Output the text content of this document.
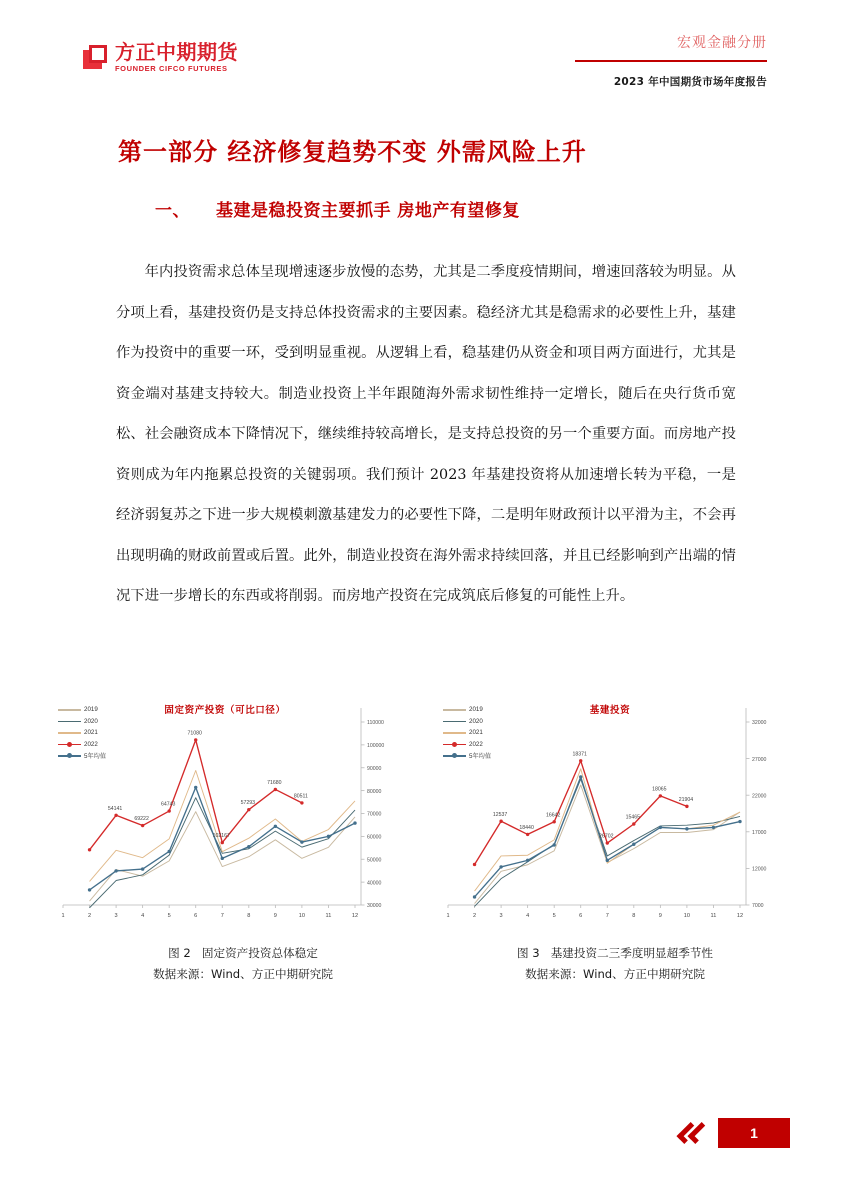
方正中期期货
FOUNDER CIFCO FUTURES
宏观金融分册
2023 年中国期货市场年度报告
第一部分 经济修复趋势不变 外需风险上升
一、 基建是稳投资主要抓手 房地产有望修复
年内投资需求总体呈现增速逐步放慢的态势，尤其是二季度疫情期间，增速回落较为明显。从分项上看，基建投资仍是支持总体投资需求的主要因素。稳经济尤其是稳需求的必要性上升，基建作为投资中的重要一环，受到明显重视。从逻辑上看，稳基建仍从资金和项目两方面进行，尤其是资金端对基建支持较大。制造业投资上半年跟随海外需求韧性维持一定增长，随后在央行货币宽松、社会融资成本下降情况下，继续维持较高增长，是支持总投资的另一个重要方面。而房地产投资则成为年内拖累总投资的关键弱项。我们预计 2023 年基建投资将从加速增长转为平稳，一是经济弱复苏之下进一步大规模刺激基建发力的必要性下降，二是明年财政预计以平滑为主，不会再出现明确的财政前置或后置。此外，制造业投资在海外需求持续回落，并且已经影响到产出端的情况下进一步增长的东西或将削弱。而房地产投资在完成筑底后修复的可能性上升。
固定资产投资（可比口径）
2019
2020
2021
2022
5年均值
30000
40000
50000
60000
70000
80000
90000
100000
110000
1	2	3	4	5	6	7	8	9	10	11	12
54141
69222
64743
71080
102167
57293
71680
80511
基建投资
2019
2020
2021
2022
5年均值
7000
12000
17000
22000
27000
32000
1	2	3	4	5	6	7	8	9	10	11	12
12537
18440
16642
18371
26702
15465
18065
21904
图 2 固定资产投资总体稳定
数据来源：Wind、方正中期研究院
图 3 基建投资二三季度明显超季节性
数据来源：Wind、方正中期研究院
1
